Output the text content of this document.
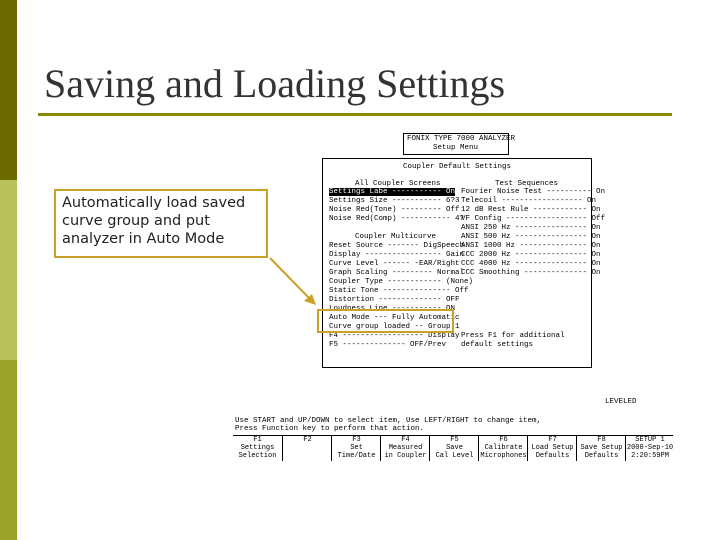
Saving and Loading Settings
FONIX TYPE 7000 ANALYZER
Setup Menu
Coupler Default Settings
All Coupler Screens	Test Sequences
Settings Labe ----------- On
Settings Size ----------- 6?3
Noise Red(Tone) --------- Off
Noise Red(Comp) ----------- 4?
Coupler Multicurve
Reset Source ------- DigSpeech
Display ----------------- Gain
Curve Level ------ -EAR/Right
Graph Scaling --------- Normal
Coupler Type ------------ (None)
Static Tone --------------- Off
Distortion -------------- OFF
Loudness Line ----------- ON
Auto Mode --- Fully Automatic
Curve group loaded -- Group 1
F4 ------------------ Display
F5 -------------- OFF/Prev
Fourier Noise Test ---------- On
Telecoil ------------------ On
12 dB Rest Rule ------------ On
VF Config ------------------ Off
ANSI 250 Hz ---------------- On
ANSI 500 Hz ---------------- On
ANSI 1000 Hz --------------- On
CCC 2000 Hz ---------------- On
CCC 4000 Hz ---------------- On
CCC Smoothing -------------- On
Press F1 for additional
default settings
LEVELED
Use START and UP/DOWN to select item, Use LEFT/RIGHT to change item,
Press Function key to perform that action.
F1
Settings
Selection
F2	F3
Set
Time/Date
F4
Measured
in Coupler
F5
Save
Cal Level
F6
Calibrate
Microphones
F7
Load Setup
Defaults
F8
Save Setup
Defaults
SETUP 1
2000-Sep-10
2:20:59PM
Automatically load saved curve group and put analyzer in Auto Mode
